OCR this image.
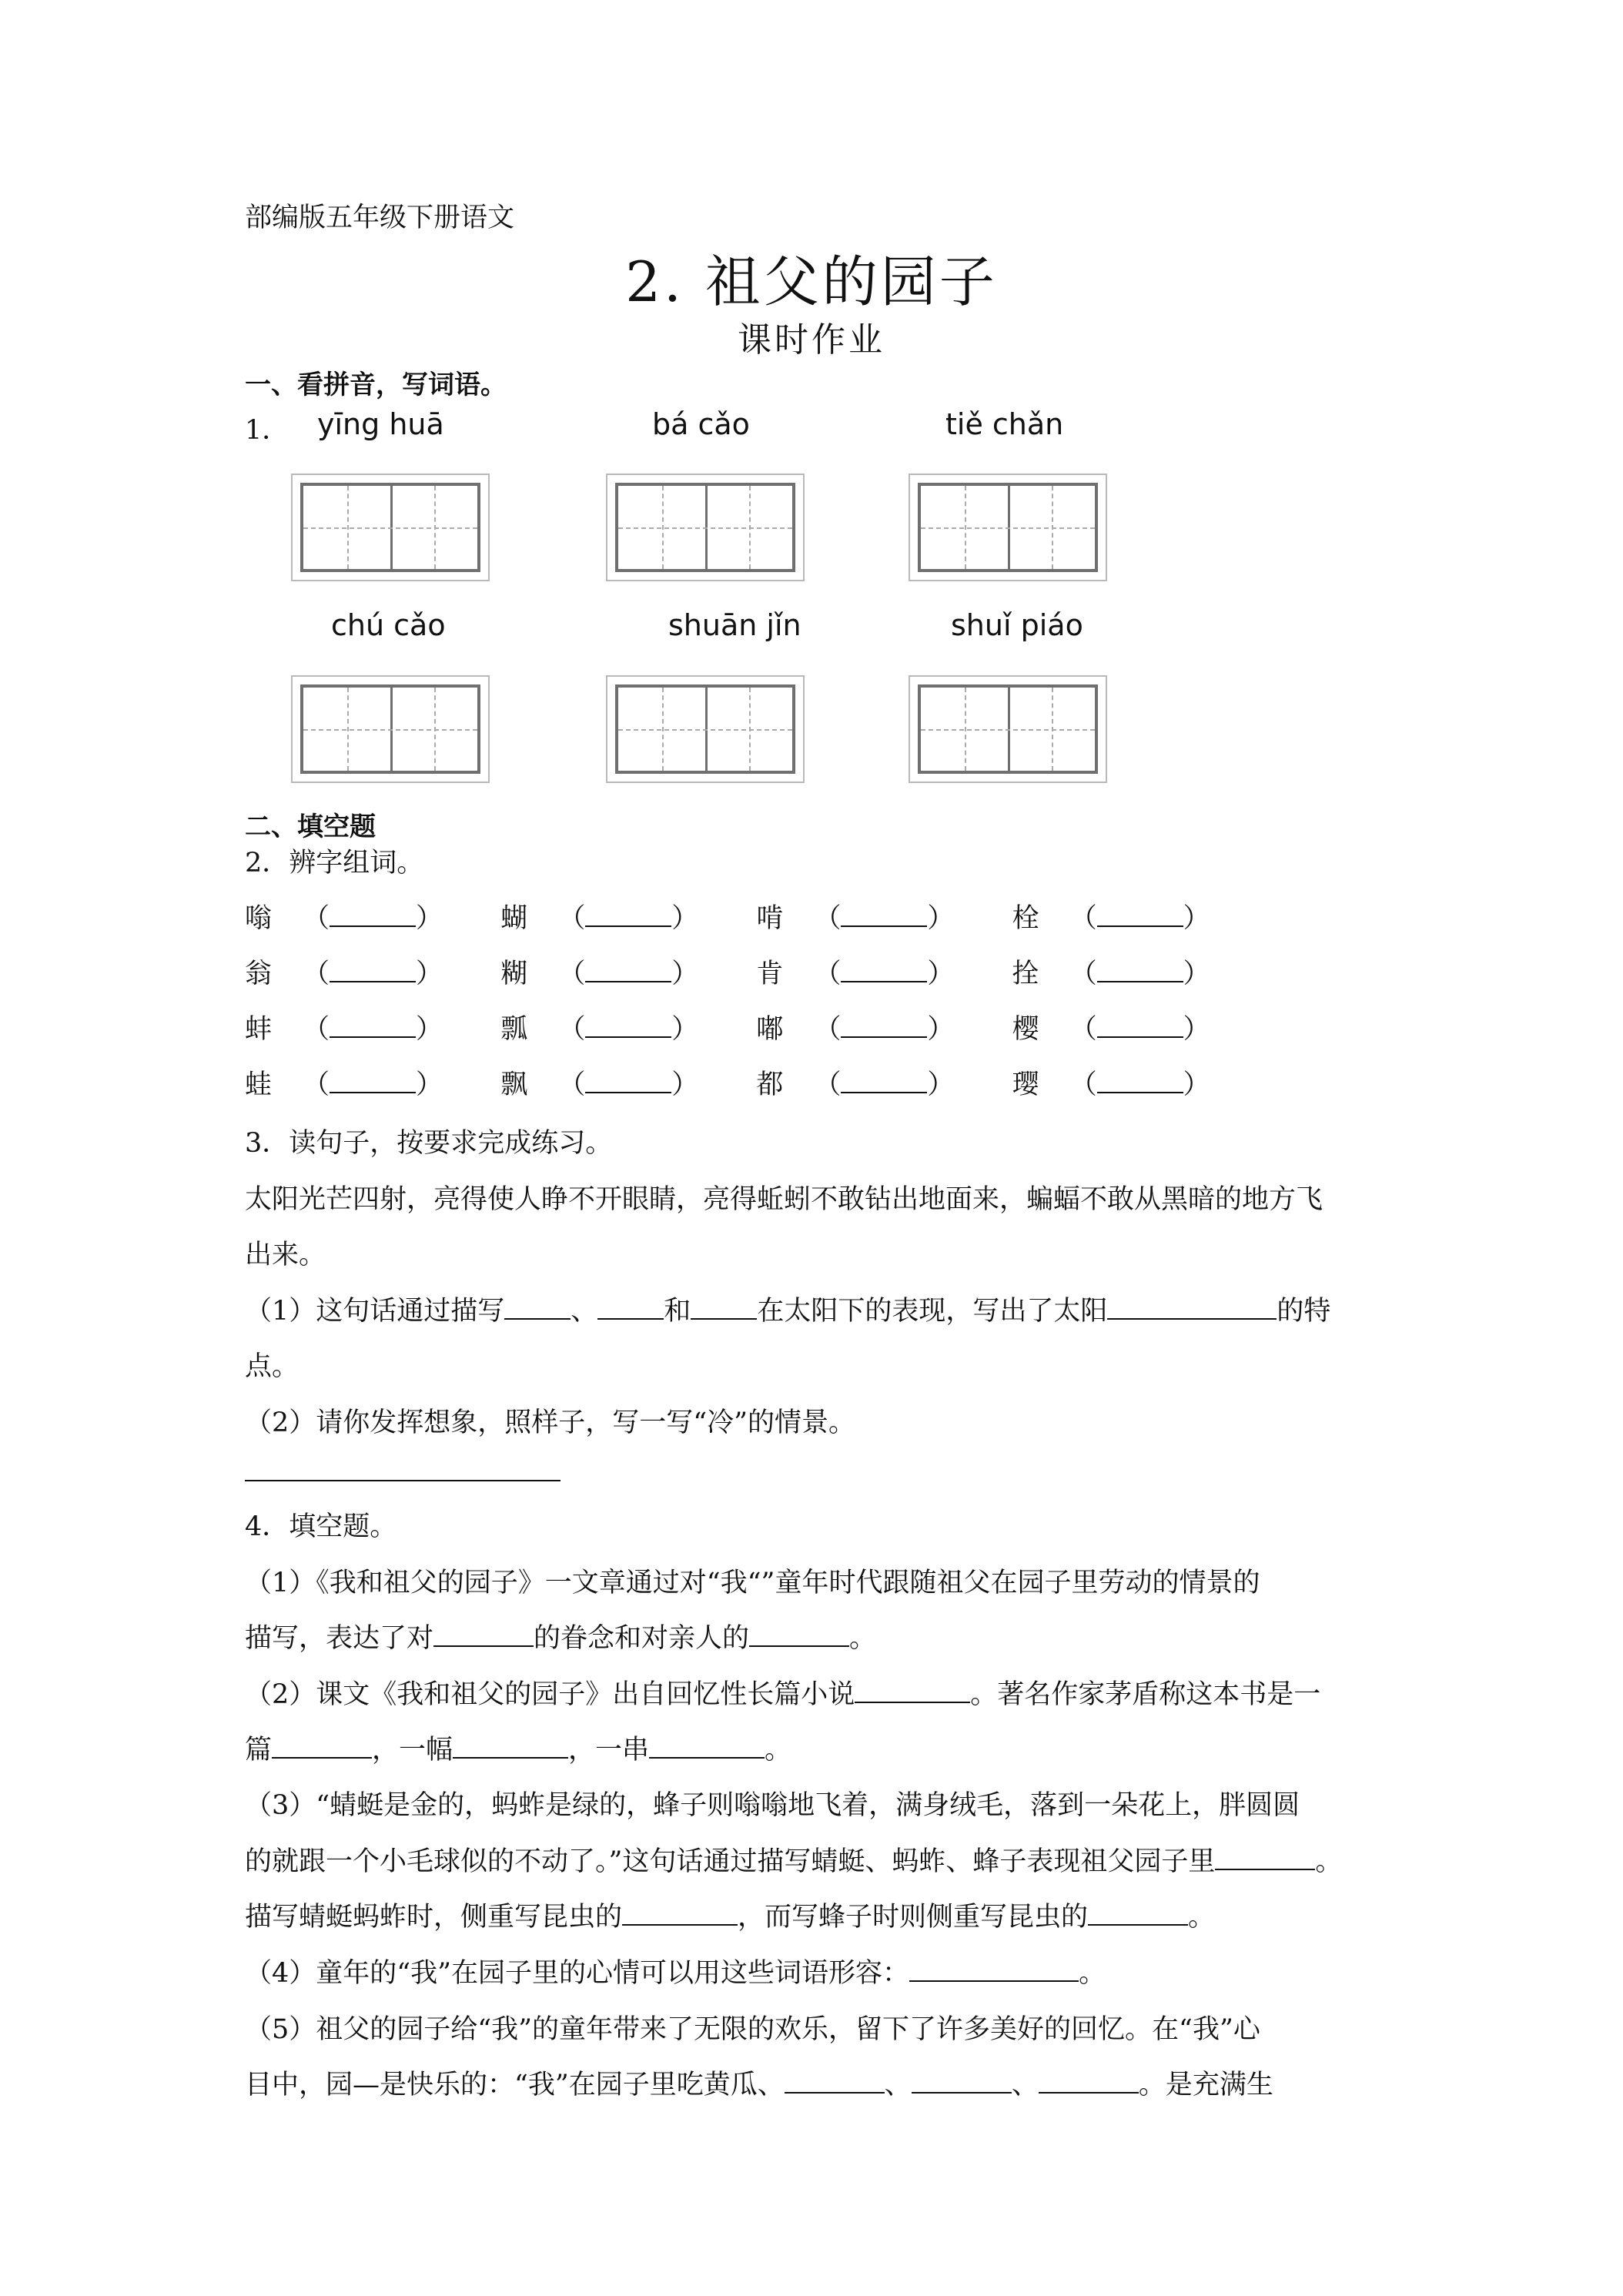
部编版五年级下册语文
2. 祖父的园子
课时作业
一、看拼音，写词语。
1． yīng huā	bá cǎo	tiě chǎn
chú cǎo	shuān jǐn	shuǐ piáo
二、填空题
2．辨字组词。
嗡 （	） 蝴 （	） 啃 （	） 栓 （	）
翁 （	） 糊 （	） 肯 （	） 拴 （	）
蚌 （	） 瓢 （	） 嘟 （	） 樱 （	）
蛙 （	） 飘 （	） 都 （	） 璎 （	）
3．读句子，按要求完成练习。
太阳光芒四射，亮得使人睁不开眼睛，亮得蚯蚓不敢钻出地面来，蝙蝠不敢从黑暗的地方飞
出来。
（1）这句话通过描写 、 和 在太阳下的表现，写出了太阳	的特
点。
（2）请你发挥想象，照样子，写一写“冷”的情景。
4．填空题。
（1）《我和祖父的园子》一文章通过对“我“”童年时代跟随祖父在园子里劳动的情景的
描写，表达了对	的眷念和对亲人的	。
（2）课文《我和祖父的园子》出自回忆性长篇小说	。著名作家茅盾称这本书是一
篇	，一幅	，一串	。
（3）“蜻蜓是金的，蚂蚱是绿的，蜂子则嗡嗡地飞着，满身绒毛，落到一朵花上，胖圆圆
的就跟一个小毛球似的不动了。”这句话通过描写蜻蜓、蚂蚱、蜂子表现祖父园子里	。
描写蜻蜓蚂蚱时，侧重写昆虫的	，而写蜂子时则侧重写昆虫的	。
（4）童年的“我”在园子里的心情可以用这些词语形容：	。
（5）祖父的园子给“我”的童年带来了无限的欢乐，留下了许多美好的回忆。在“我”心
目中，园—是快乐的：“我”在园子里吃黄瓜、	、	、	。是充满生
